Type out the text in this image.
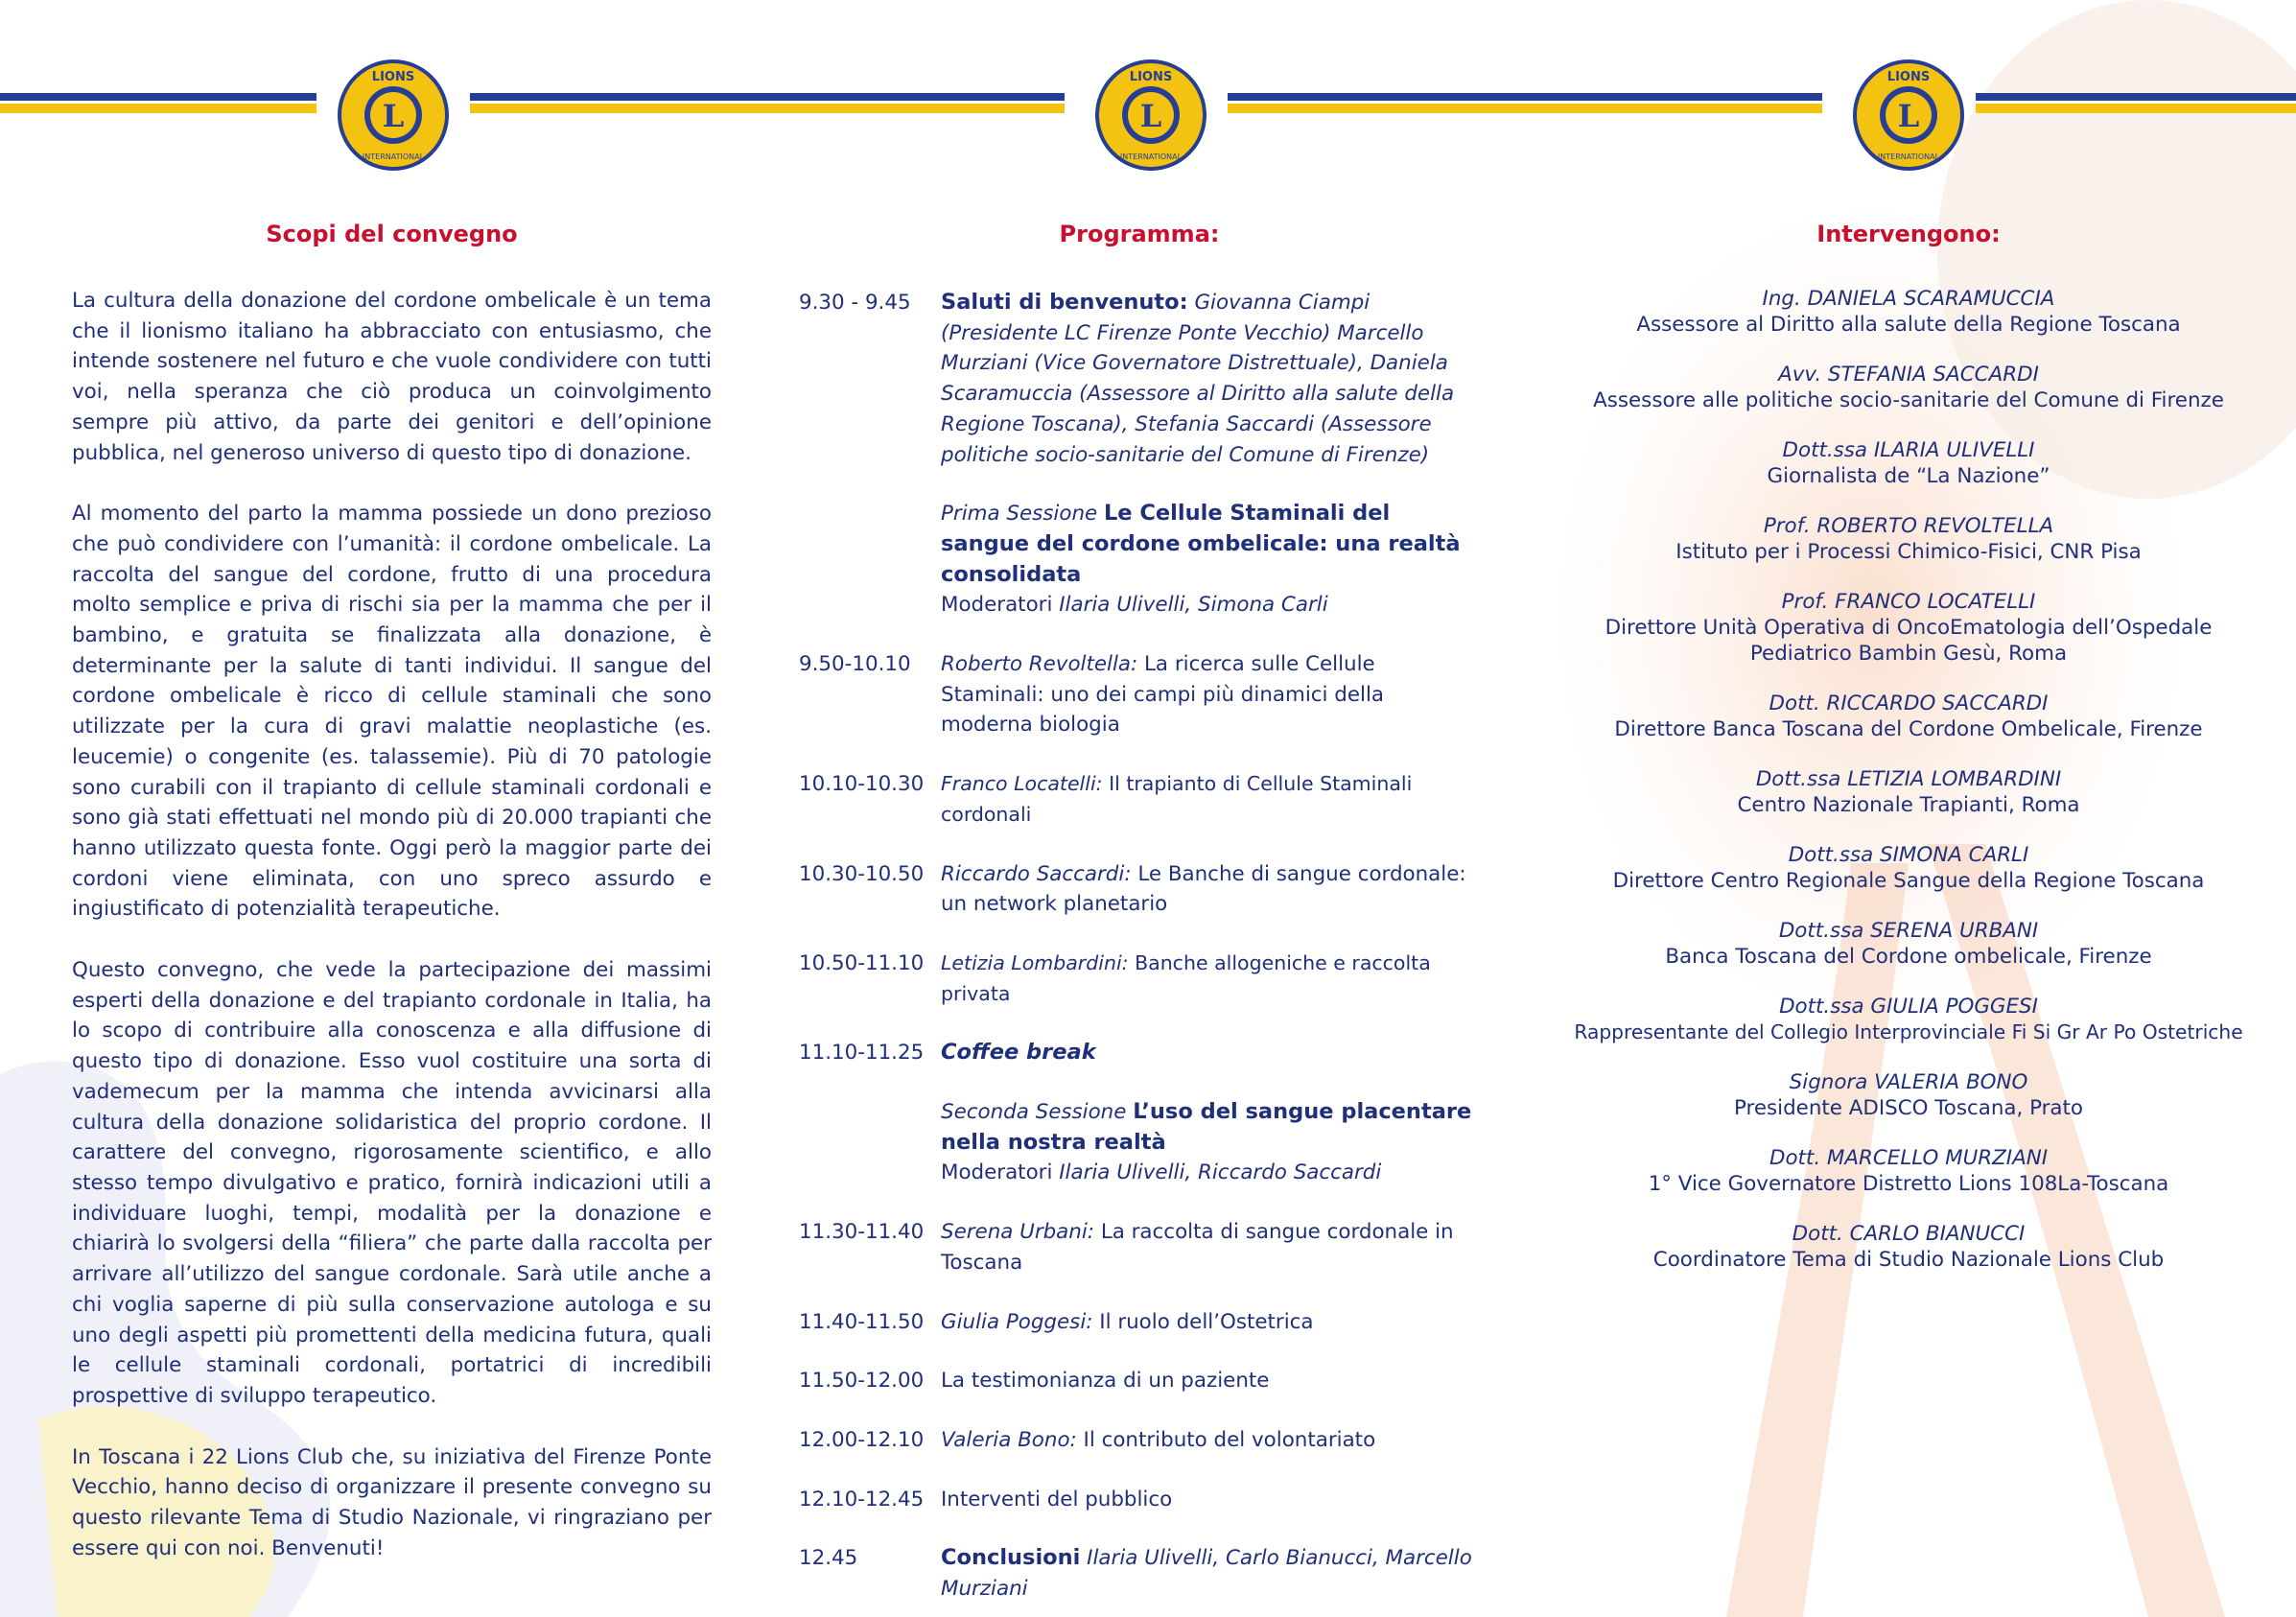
L
LIONS
INTERNATIONAL
L
LIONS
INTERNATIONAL
L
LIONS
INTERNATIONAL
Scopi del convegno

La cultura della donazione del cordone ombelicale è un tema che il lionismo italiano ha abbracciato con entusiasmo, che intende sostenere nel futuro e che vuole condividere con tutti voi, nella speranza che ciò produca un coinvolgimento sempre più attivo, da parte dei genitori e dell’opinione pubblica, nel generoso universo di questo tipo di donazione.

Al momento del parto la mamma possiede un dono prezioso che può condividere con l’umanità: il cordone ombelicale. La raccolta del sangue del cordone, frutto di una procedura molto semplice e priva di rischi sia per la mamma che per il bambino, e gratuita se finalizzata alla donazione, è determinante per la salute di tanti individui. Il sangue del cordone ombelicale è ricco di cellule staminali che sono utilizzate per la cura di gravi malattie neoplastiche (es. leucemie) o congenite (es. talassemie). Più di 70 patologie sono curabili con il trapianto di cellule staminali cordonali e sono già stati effettuati nel mondo più di 20.000 trapianti che hanno utilizzato questa fonte. Oggi però la maggior parte dei cordoni viene eliminata, con uno spreco assurdo e ingiustificato di potenzialità terapeutiche.

Questo convegno, che vede la partecipazione dei massimi esperti della donazione e del trapianto cordonale in Italia, ha lo scopo di contribuire alla conoscenza e alla diffusione di questo tipo di donazione. Esso vuol costituire una sorta di vademecum per la mamma che intenda avvicinarsi alla cultura della donazione solidaristica del proprio cordone. Il carattere del convegno, rigorosamente scientifico, e allo stesso tempo divulgativo e pratico, fornirà indicazioni utili a individuare luoghi, tempi, modalità per la donazione e chiarirà lo svolgersi della “filiera” che parte dalla raccolta per arrivare all’utilizzo del sangue cordonale. Sarà utile anche a chi voglia saperne di più sulla conservazione autologa e su uno degli aspetti più promettenti della medicina futura, quali le cellule staminali cordonali, portatrici di incredibili prospettive di sviluppo terapeutico.

In Toscana i 22 Lions Club che, su iniziativa del Firenze Ponte Vecchio, hanno deciso di organizzare il presente convegno su questo rilevante Tema di Studio Nazionale, vi ringraziano per essere qui con noi. Benvenuti!

Programma:
9.30 - 9.45	Saluti di benvenuto: Giovanna Ciampi (Presidente LC Firenze Ponte Vecchio) Marcello Murziani (Vice Governatore Distrettuale), Daniela Scaramuccia (Assessore al Diritto alla salute della Regione Toscana), Stefania Saccardi (Assessore politiche socio-sanitarie del Comune di Firenze)
Prima Sessione Le Cellule Staminali del sangue del cordone ombelicale: una realtà consolidata
Moderatori Ilaria Ulivelli, Simona Carli
9.50-10.10	Roberto Revoltella: La ricerca sulle Cellule Staminali: uno dei campi più dinamici della moderna biologia
10.10-10.30 Franco Locatelli: Il trapianto di Cellule Staminali cordonali
10.30-10.50 Riccardo Saccardi: Le Banche di sangue cordonale: un network planetario
10.50-11.10 Letizia Lombardini: Banche allogeniche e raccolta privata
11.10-11.25 Coffee break
Seconda Sessione L’uso del sangue placentare nella nostra realtà
Moderatori Ilaria Ulivelli, Riccardo Saccardi
11.30-11.40 Serena Urbani: La raccolta di sangue cordonale in Toscana
11.40-11.50 Giulia Poggesi: Il ruolo dell’Ostetrica
11.50-12.00 La testimonianza di un paziente
12.00-12.10 Valeria Bono: Il contributo del volontariato
12.10-12.45 Interventi del pubblico
12.45	Conclusioni Ilaria Ulivelli, Carlo Bianucci, Marcello Murziani
Intervengono:
Ing. DANIELA SCARAMUCCIA
Assessore al Diritto alla salute della Regione Toscana
Avv. STEFANIA SACCARDI
Assessore alle politiche socio-sanitarie del Comune di Firenze
Dott.ssa ILARIA ULIVELLI
Giornalista de “La Nazione”
Prof. ROBERTO REVOLTELLA
Istituto per i Processi Chimico-Fisici, CNR Pisa
Prof. FRANCO LOCATELLI
Direttore Unità Operativa di OncoEmatologia dell’Ospedale Pediatrico Bambin Gesù, Roma
Dott. RICCARDO SACCARDI
Direttore Banca Toscana del Cordone Ombelicale, Firenze
Dott.ssa LETIZIA LOMBARDINI
Centro Nazionale Trapianti, Roma
Dott.ssa SIMONA CARLI
Direttore Centro Regionale Sangue della Regione Toscana
Dott.ssa SERENA URBANI
Banca Toscana del Cordone ombelicale, Firenze
Dott.ssa GIULIA POGGESI
Rappresentante del Collegio Interprovinciale Fi Si Gr Ar Po Ostetriche
Signora VALERIA BONO
Presidente ADISCO Toscana, Prato
Dott. MARCELLO MURZIANI
1° Vice Governatore Distretto Lions 108La-Toscana
Dott. CARLO BIANUCCI
Coordinatore Tema di Studio Nazionale Lions Club
